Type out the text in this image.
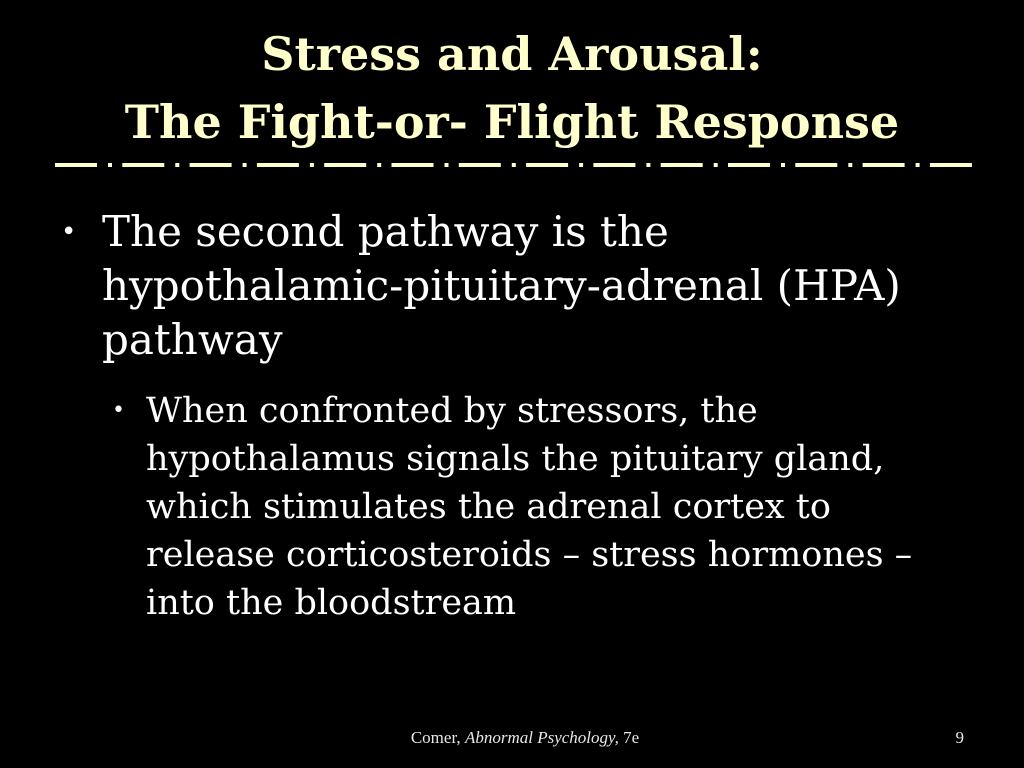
Stress and Arousal:
The Fight-or- Flight Response
• The second pathway is the
hypothalamic-pituitary-adrenal (HPA)
pathway
• When confronted by stressors, the
hypothalamus signals the pituitary gland,
which stimulates the adrenal cortex to
release corticosteroids – stress hormones –
into the bloodstream
Comer, Abnormal Psychology, 7e	9
